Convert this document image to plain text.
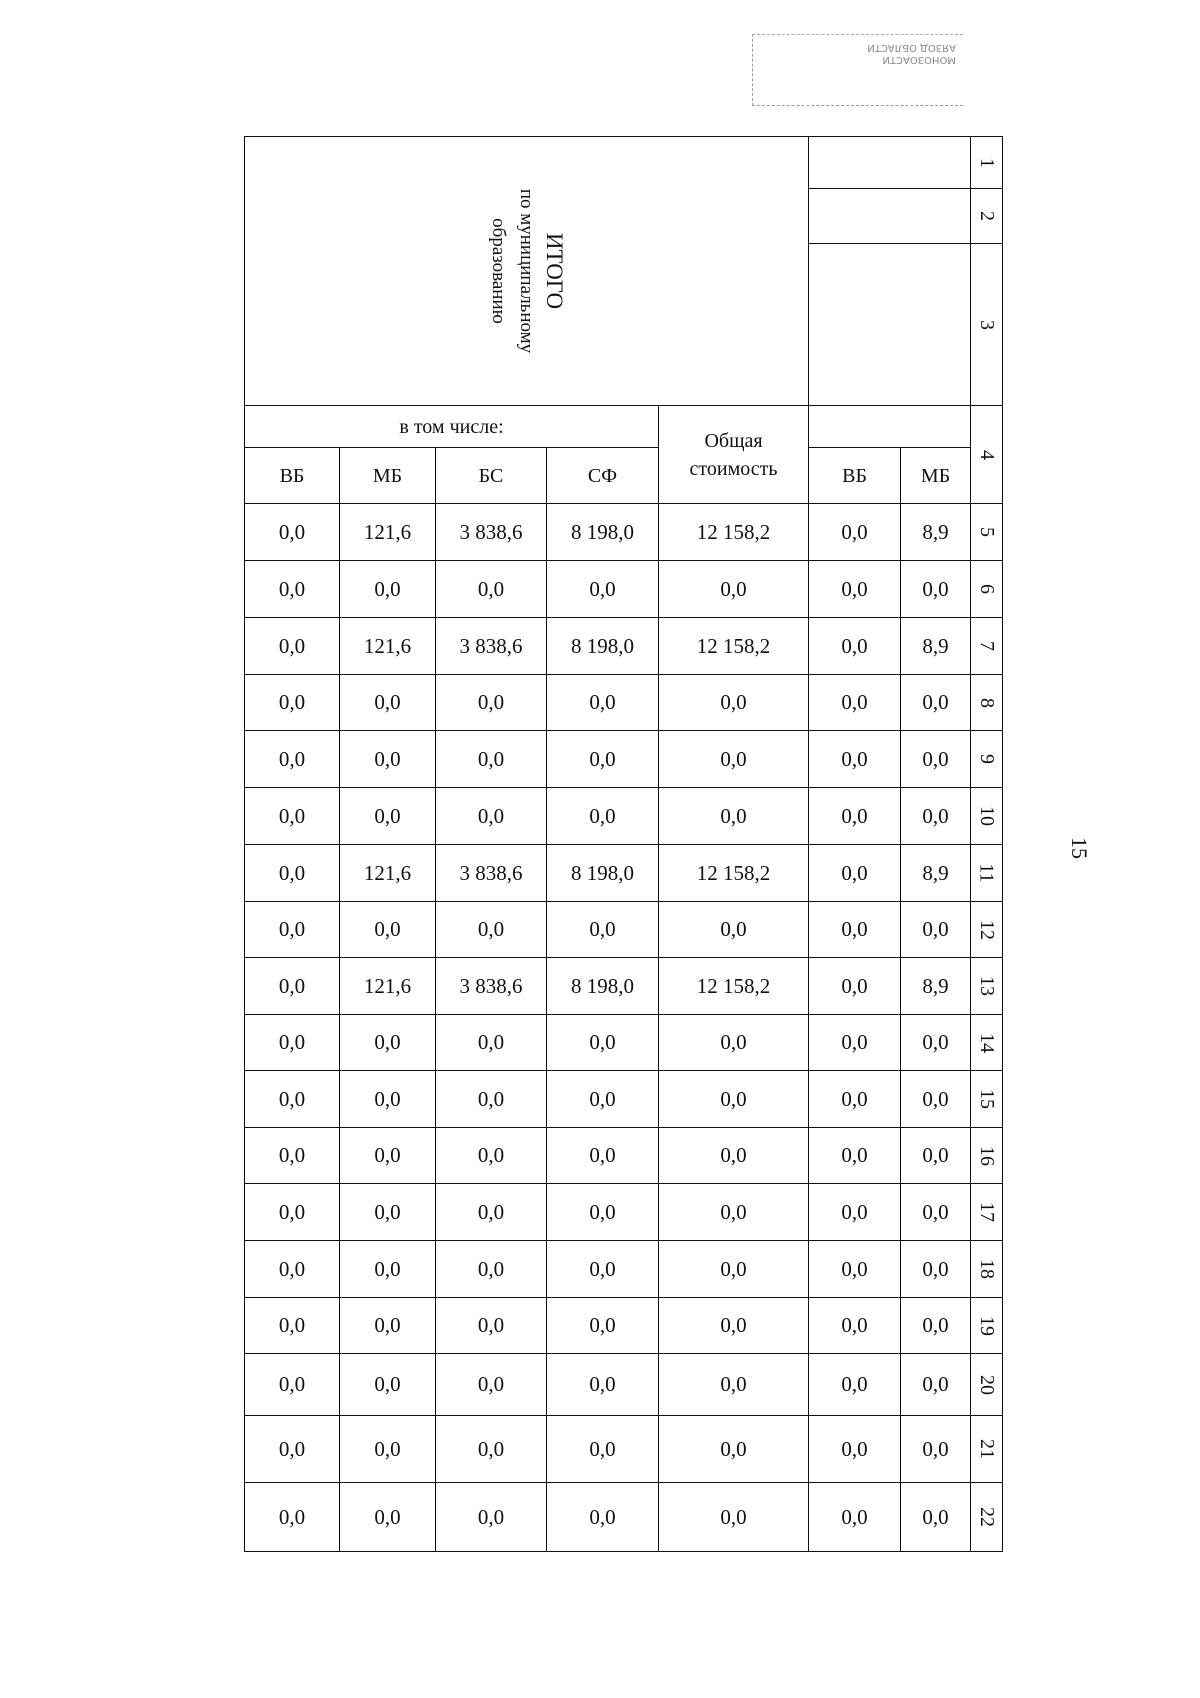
МОНОЗОАСТИ
АЯЗОД ОБЛАСТИ
15
ИТОГО
по муниципальному
образованию							1
							2
							3
в том числе:				Общая стоимость			4
ВБ	МБ	БС	СФ		ВБ	МБ	
0,0	121,6	3 838,6	8 198,0	12 158,2	0,0	8,9	5
0,0	0,0	0,0	0,0	0,0	0,0	0,0	6
0,0	121,6	3 838,6	8 198,0	12 158,2	0,0	8,9	7
0,0	0,0	0,0	0,0	0,0	0,0	0,0	8
0,0	0,0	0,0	0,0	0,0	0,0	0,0	9
0,0	0,0	0,0	0,0	0,0	0,0	0,0	10
0,0	121,6	3 838,6	8 198,0	12 158,2	0,0	8,9	11
0,0	0,0	0,0	0,0	0,0	0,0	0,0	12
0,0	121,6	3 838,6	8 198,0	12 158,2	0,0	8,9	13
0,0	0,0	0,0	0,0	0,0	0,0	0,0	14
0,0	0,0	0,0	0,0	0,0	0,0	0,0	15
0,0	0,0	0,0	0,0	0,0	0,0	0,0	16
0,0	0,0	0,0	0,0	0,0	0,0	0,0	17
0,0	0,0	0,0	0,0	0,0	0,0	0,0	18
0,0	0,0	0,0	0,0	0,0	0,0	0,0	19
0,0	0,0	0,0	0,0	0,0	0,0	0,0	20
0,0	0,0	0,0	0,0	0,0	0,0	0,0	21
0,0	0,0	0,0	0,0	0,0	0,0	0,0	22
